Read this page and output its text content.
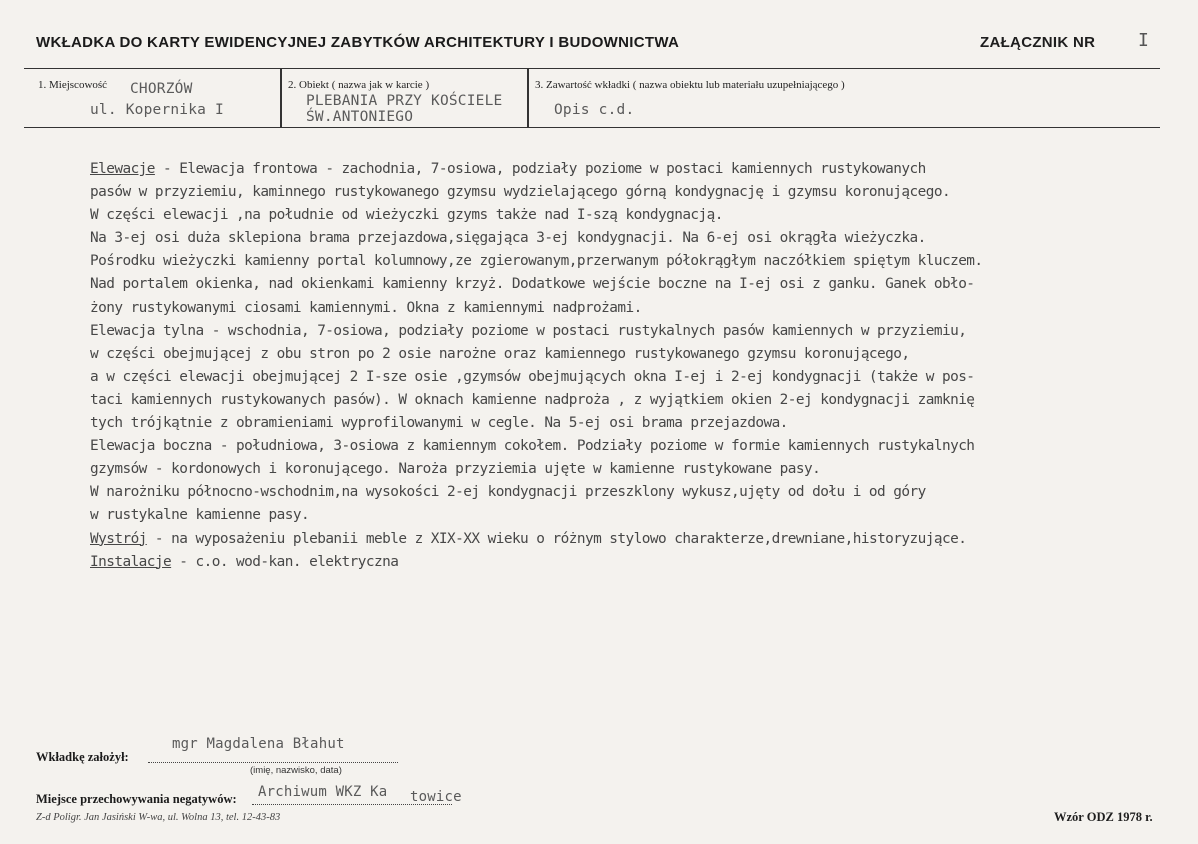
WKŁADKA DO KARTY EWIDENCYJNEJ ZABYTKÓW ARCHITEKTURY I BUDOWNICTWA	ZAŁĄCZNIK NR I
1. Miejscowość CHORZÓW
ul. Kopernika I
2. Obiekt ( nazwa jak w karcie )
PLEBANIA PRZY KOŚCIELE
ŚW.ANTONIEGO
3. Zawartość wkładki ( nazwa obiektu lub materiału uzupełniającego )
Opis c.d.
Elewacje - Elewacja frontowa - zachodnia, 7-osiowa, podziały poziome w postaci kamiennych rustykowanych
pasów w przyziemiu, kaminnego rustykowanego gzymsu wydzielającego górną kondygnację i gzymsu koronującego.
W części elewacji ,na południe od wieżyczki gzyms także nad I-szą kondygnacją.
Na 3-ej osi duża sklepiona brama przejazdowa,sięgająca 3-ej kondygnacji. Na 6-ej osi okrągła wieżyczka.
Pośrodku wieżyczki kamienny portal kolumnowy,ze zgierowanym,przerwanym półokrągłym naczółkiem spiętym kluczem.
Nad portalem okienka, nad okienkami kamienny krzyż. Dodatkowe wejście boczne na I-ej osi z ganku. Ganek obło-
żony rustykowanymi ciosami kamiennymi. Okna z kamiennymi nadprożami.
Elewacja tylna - wschodnia, 7-osiowa, podziały poziome w postaci rustykalnych pasów kamiennych w przyziemiu,
w części obejmującej z obu stron po 2 osie narożne oraz kamiennego rustykowanego gzymsu koronującego,
a w części elewacji obejmującej 2 I-sze osie ,gzymsów obejmujących okna I-ej i 2-ej kondygnacji (także w pos-
taci kamiennych rustykowanych pasów). W oknach kamienne nadproża , z wyjątkiem okien 2-ej kondygnacji zamknię
tych trójkątnie z obramieniami wyprofilowanymi w cegle. Na 5-ej osi brama przejazdowa.
Elewacja boczna - południowa, 3-osiowa z kamiennym cokołem. Podziały poziome w formie kamiennych rustykalnych
gzymsów - kordonowych i koronującego. Naroża przyziemia ujęte w kamienne rustykowane pasy.
W narożniku północno-wschodnim,na wysokości 2-ej kondygnacji przeszklony wykusz,ujęty od dołu i od góry
w rustykalne kamienne pasy.
Wystrój - na wyposażeniu plebanii meble z XIX-XX wieku o różnym stylowo charakterze,drewniane,historyzujące.
Instalacje - c.o. wod-kan. elektryczna
Wkładkę założył:
mgr Magdalena Błahut
(imię, nazwisko, data)
Miejsce przechowywania negatywów: Archiwum WKZ Ka towice
Z-d Poligr. Jan Jasiński W-wa, ul. Wolna 13, tel. 12-43-83	Wzór ODZ 1978 r.
